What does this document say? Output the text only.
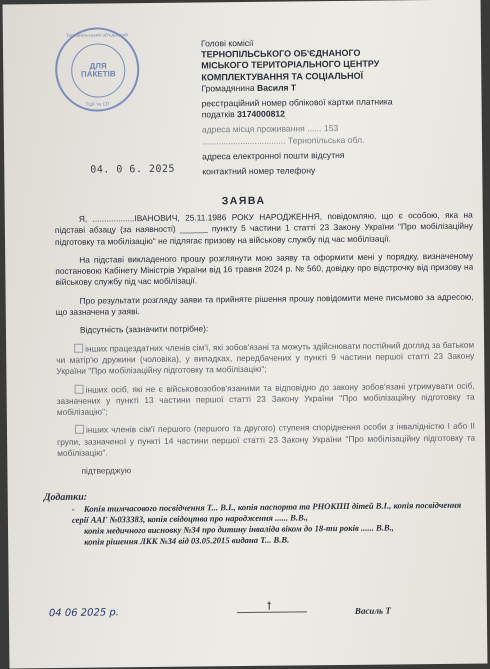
Тернопільський об'єднаний
ДЛЯ
ПАКЕТІВ
ТЦК та СП
Голові комісії
ТЕРНОПІЛЬСЬКОГО ОБ'ЄДНАНОГО
МІСЬКОГО ТЕРИТОРІАЛЬНОГО ЦЕНТРУ
КОМПЛЕКТУВАННЯ ТА СОЦІАЛЬНОЇ
Громадянина Василя Т
реєстраційний номер облікової картки платника
податків 3174000812
адреса місця проживання ...... 153
................................... Тернопільська обл.
адреса електронної пошти відсутня
контактний номер телефону
04. 0 6. 2025
ЗАЯВА

Я, ..................ІВАНОВИЧ, 25.11.1986 РОКУ НАРОДЖЕННЯ, повідомляю, що є особою, яка на підставі абзацу (за наявності) ______ пункту 5 частини 1 статті 23 Закону України "Про мобілізаційну підготовку та мобілізацію" не підлягає призову на військову службу під час мобілізації.

На підставі викладеного прошу розглянути мою заяву та оформити мені у порядку, визначеному постановою Кабінету Міністрів України від 16 травня 2024 р. № 560, довідку про відстрочку від призову на військову службу під час мобілізації.

Про результати розгляду заяви та прийняте рішення прошу повідомити мене письмово за адресою, що зазначена у заяві.

Відсутність (зазначити потрібне):

інших працездатних членів сім'ї, які зобов'язані та можуть здійснювати постійний догляд за батьком чи матір'ю дружини (чоловіка), у випадках, передбачених у пункті 9 частини першої статті 23 Закону України "Про мобілізаційну підготовку та мобілізацію";

інших осіб, які не є військовозобов'язаними та відповідно до закону зобов'язані утримувати осіб, зазначених у пункті 13 частини першої статті 23 Закону України "Про мобілізаційну підготовку та мобілізацію";

інших членів сім'ї першого (першого та другого) ступеня споріднення особи з інвалідністю I або II групи, зазначеної у пункті 14 частини першої статті 23 Закону України "Про мобілізаційну підготовку та мобілізацію".

підтверджую

Додатки:
- Копія тимчасового посвідчення Т... В.І., копія паспорта та РНОКПП дітей В.І., копія посвідчення серії ААГ №033383, копія свідоцтва про народження ...... В.В.,
копія медичного висновку №34 про дитину інваліда віком до 18-ти років ...... В.В.,
копія рішення ЛКК №34 від 03.05.2015 видана Т... В.В.
04 06 2025 р.
ꝉ	Василь Т
